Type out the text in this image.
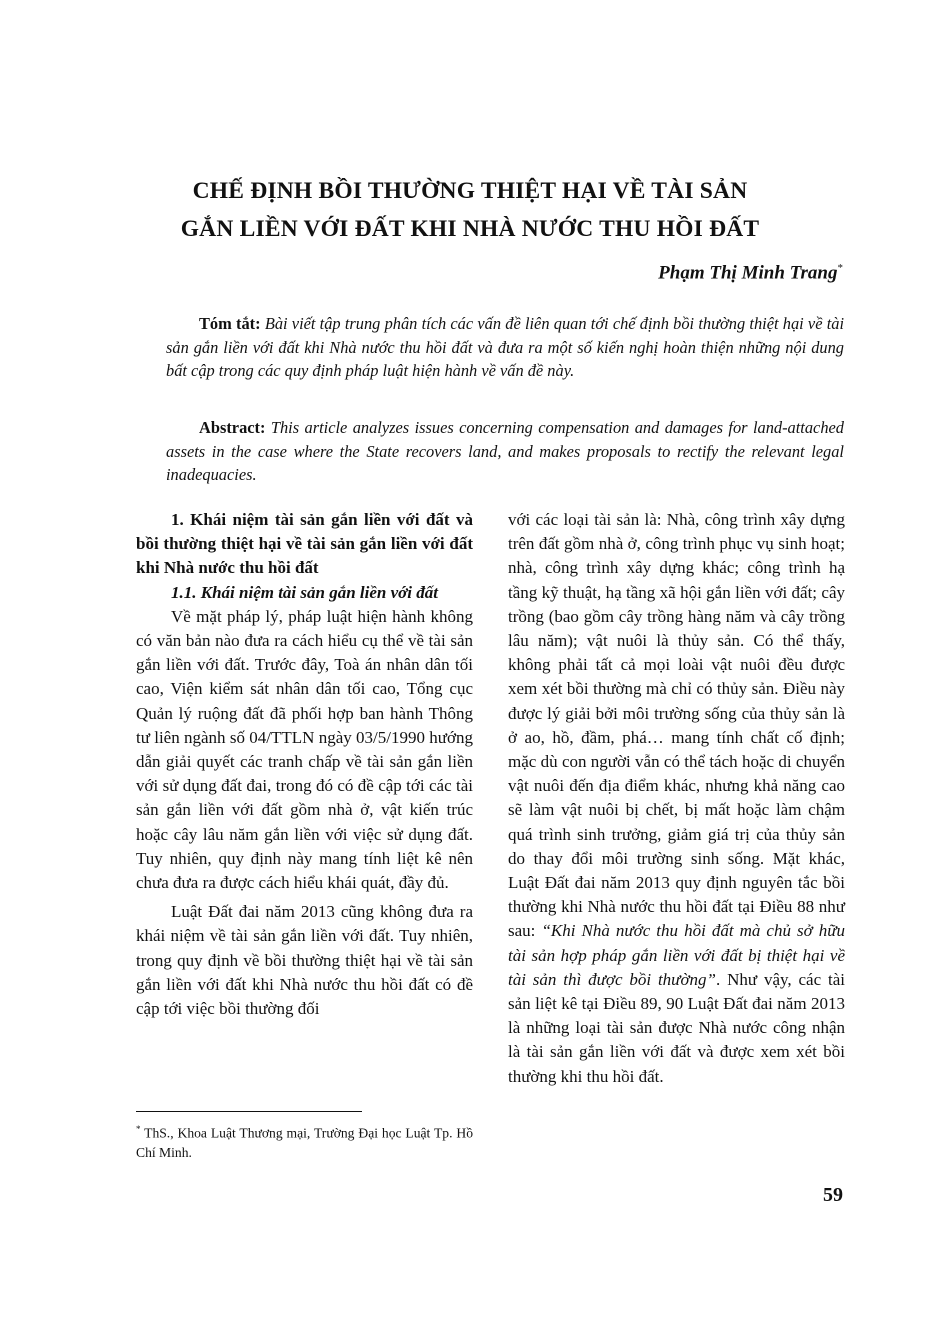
CHẾ ĐỊNH BỒI THƯỜNG THIỆT HẠI VỀ TÀI SẢN
GẮN LIỀN VỚI ĐẤT KHI NHÀ NƯỚC THU HỒI ĐẤT
Phạm Thị Minh Trang*
Tóm tắt: Bài viết tập trung phân tích các vấn đề liên quan tới chế định bồi thường thiệt hại về tài sản gắn liền với đất khi Nhà nước thu hồi đất và đưa ra một số kiến nghị hoàn thiện những nội dung bất cập trong các quy định pháp luật hiện hành về vấn đề này.
Abstract: This article analyzes issues concerning compensation and damages for land-attached assets in the case where the State recovers land, and makes proposals to rectify the relevant legal inadequacies.

1. Khái niệm tài sản gắn liền với đất và bồi thường thiệt hại về tài sản gắn liền với đất khi Nhà nước thu hồi đất

1.1. Khái niệm tài sản gắn liền với đất

Về mặt pháp lý, pháp luật hiện hành không có văn bản nào đưa ra cách hiểu cụ thể về tài sản gắn liền với đất. Trước đây, Toà án nhân dân tối cao, Viện kiểm sát nhân dân tối cao, Tổng cục Quản lý ruộng đất đã phối hợp ban hành Thông tư liên ngành số 04/TTLN ngày 03/5/1990 hướng dẫn giải quyết các tranh chấp về tài sản gắn liền với sử dụng đất đai, trong đó có đề cập tới các tài sản gắn liền với đất gồm nhà ở, vật kiến trúc hoặc cây lâu năm gắn liền với việc sử dụng đất. Tuy nhiên, quy định này mang tính liệt kê nên chưa đưa ra được cách hiểu khái quát, đầy đủ.

Luật Đất đai năm 2013 cũng không đưa ra khái niệm về tài sản gắn liền với đất. Tuy nhiên, trong quy định về bồi thường thiệt hại về tài sản gắn liền với đất khi Nhà nước thu hồi đất có đề cập tới việc bồi thường đối

với các loại tài sản là: Nhà, công trình xây dựng trên đất gồm nhà ở, công trình phục vụ sinh hoạt; nhà, công trình xây dựng khác; công trình hạ tầng kỹ thuật, hạ tầng xã hội gắn liền với đất; cây trồng (bao gồm cây trồng hàng năm và cây trồng lâu năm); vật nuôi là thủy sản. Có thể thấy, không phải tất cả mọi loài vật nuôi đều được xem xét bồi thường mà chỉ có thủy sản. Điều này được lý giải bởi môi trường sống của thủy sản là ở ao, hồ, đầm, phá… mang tính chất cố định; mặc dù con người vẫn có thể tách hoặc di chuyển vật nuôi đến địa điểm khác, nhưng khả năng cao sẽ làm vật nuôi bị chết, bị mất hoặc làm chậm quá trình sinh trưởng, giảm giá trị của thủy sản do thay đổi môi trường sinh sống. Mặt khác, Luật Đất đai năm 2013 quy định nguyên tắc bồi thường khi Nhà nước thu hồi đất tại Điều 88 như sau: “Khi Nhà nước thu hồi đất mà chủ sở hữu tài sản hợp pháp gắn liền với đất bị thiệt hại về tài sản thì được bồi thường”. Như vậy, các tài sản liệt kê tại Điều 89, 90 Luật Đất đai năm 2013 là những loại tài sản được Nhà nước công nhận là tài sản gắn liền với đất và được xem xét bồi thường khi thu hồi đất.

* ThS., Khoa Luật Thương mại, Trường Đại học Luật Tp. Hồ Chí Minh.
59
